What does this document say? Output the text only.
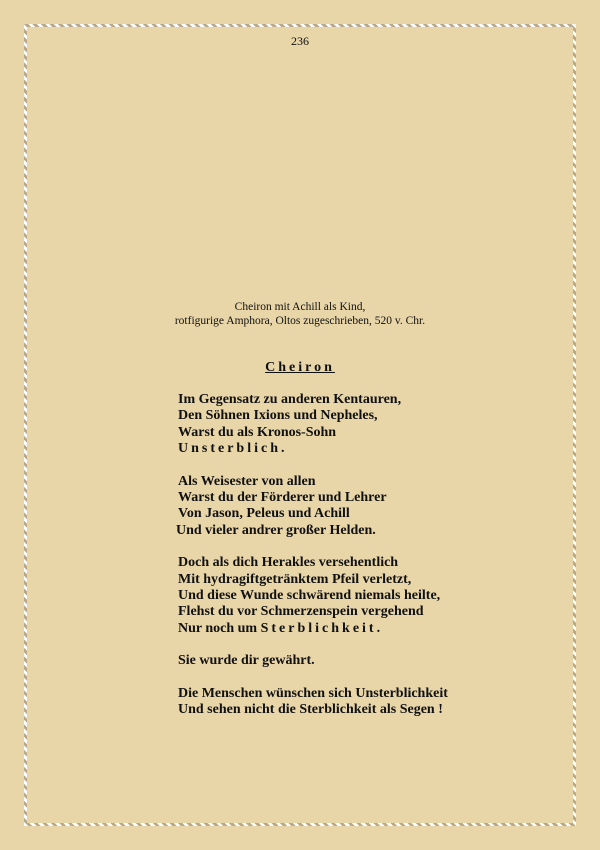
236
Cheiron mit Achill als Kind,
rotfigurige Amphora, Oltos zugeschrieben, 520 v. Chr.
Cheiron
Im Gegensatz zu anderen Kentauren,
Den Söhnen Ixions und Nepheles,
Warst du als Kronos-Sohn
Unsterblich.
Als Weisester von allen
Warst du der Förderer und Lehrer
Von Jason, Peleus und Achill
Und vieler andrer großer Helden.
Doch als dich Herakles versehentlich
Mit hydragiftgetränktem Pfeil verletzt,
Und diese Wunde schwärend niemals heilte,
Flehst du vor Schmerzenspein vergehend
Nur noch um Sterblichkeit.
Sie wurde dir gewährt.
Die Menschen wünschen sich Unsterblichkeit
Und sehen nicht die Sterblichkeit als Segen !
